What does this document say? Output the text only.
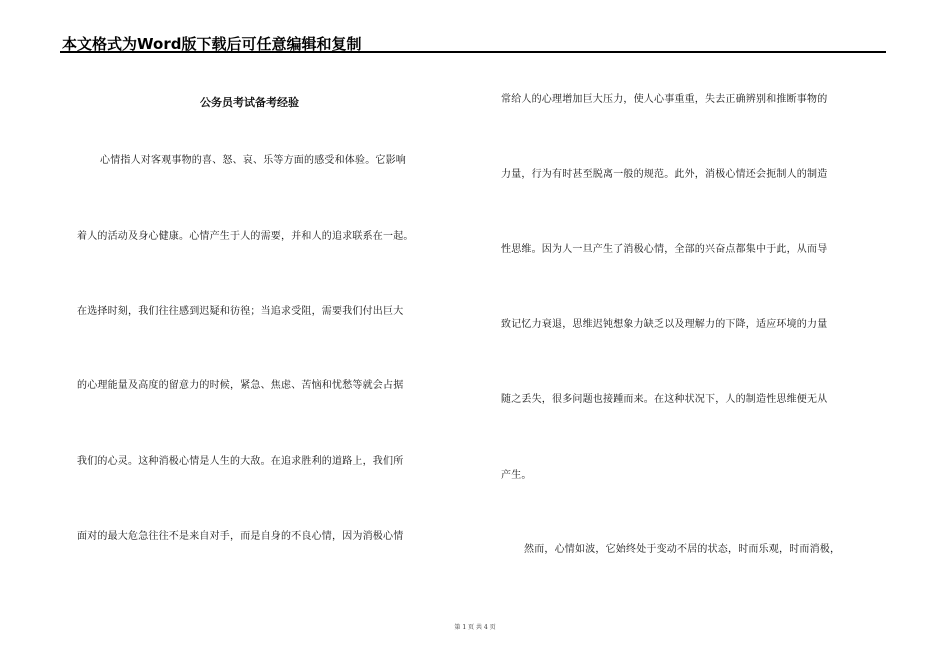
本文格式为Word版下载后可任意编辑和复制
公务员考试备考经验
心情指人对客观事物的喜、怒、哀、乐等方面的感受和体验。它影响
着人的活动及身心健康。心情产生于人的需要，并和人的追求联系在一起。
在选择时刻，我们往往感到迟疑和彷徨；当追求受阻，需要我们付出巨大
的心理能量及高度的留意力的时候，紧急、焦虑、苦恼和忧愁等就会占据
我们的心灵。这种消极心情是人生的大敌。在追求胜利的道路上，我们所
面对的最大危急往往不是来自对手，而是自身的不良心情，因为消极心情
常给人的心理增加巨大压力，使人心事重重，失去正确辨别和推断事物的
力量，行为有时甚至脱离一般的规范。此外，消极心情还会扼制人的制造
性思维。因为人一旦产生了消极心情，全部的兴奋点都集中于此，从而导
致记忆力衰退，思维迟钝想象力缺乏以及理解力的下降，适应环境的力量
随之丢失，很多问题也接踵而来。在这种状况下，人的制造性思维便无从
产生。
然而，心情如波，它始终处于变动不居的状态，时而乐观，时而消极，
第 1 页 共 4 页
